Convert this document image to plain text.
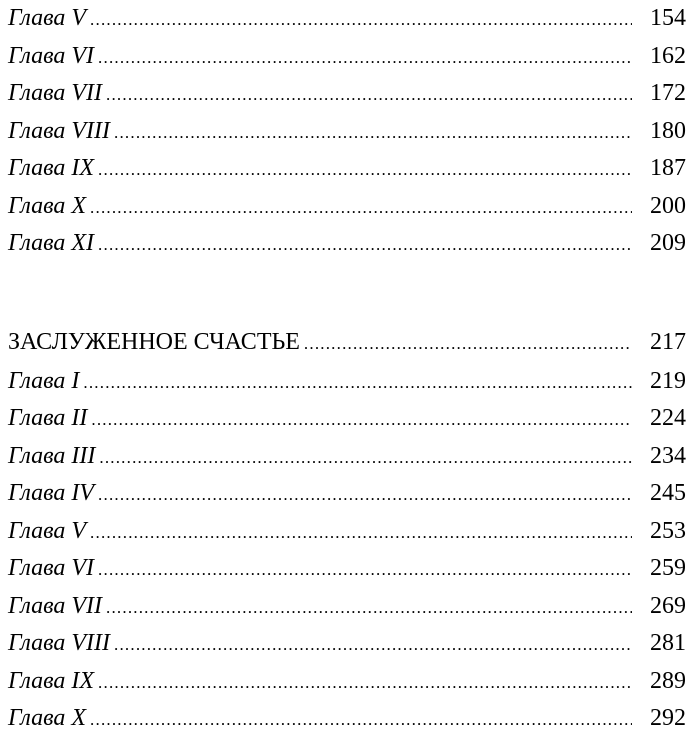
Глава V .....	154
Глава VI .....	162
Глава VII .....	172
Глава VIII .....	180
Глава IX .....	187
Глава X .....	200
Глава XI .....	209
ЗАСЛУЖЕННОЕ СЧАСТЬЕ .....	217
Глава I .....	219
Глава II .....	224
Глава III .....	234
Глава IV .....	245
Глава V .....	253
Глава VI .....	259
Глава VII .....	269
Глава VIII .....	281
Глава IX .....	289
Глава X .....	292
